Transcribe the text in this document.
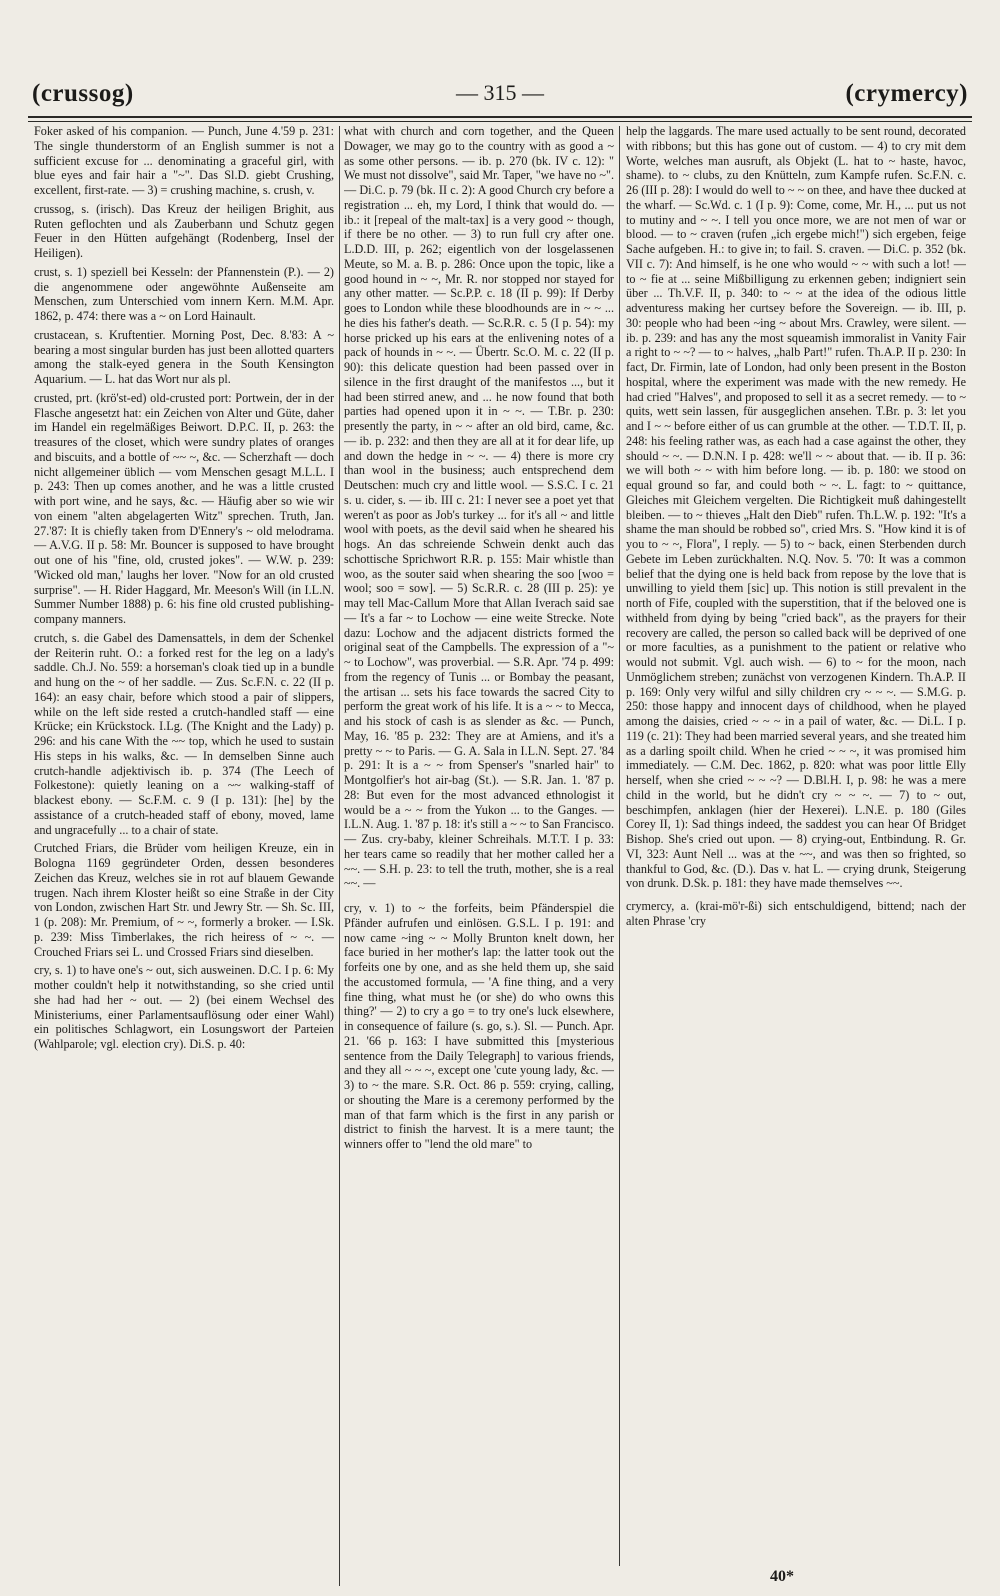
(crussog)	— 315 —	(crymercy)

Foker asked of his companion. — Punch, June 4.'59 p. 231: The single thunderstorm of an English summer is not a sufficient excuse for ... denominating a graceful girl, with blue eyes and fair hair a "~". Das Sl.D. giebt Crushing, excellent, first-rate. — 3) = crushing machine, s. crush, v.

crussog, s. (irisch). Das Kreuz der heiligen Brighit, aus Ruten geflochten und als Zauberbann und Schutz gegen Feuer in den Hütten aufgehängt (Rodenberg, Insel der Heiligen).

crust, s. 1) speziell bei Kesseln: der Pfannenstein (P.). — 2) die angenommene oder angewöhnte Außenseite am Menschen, zum Unterschied vom innern Kern. M.M. Apr. 1862, p. 474: there was a ~ on Lord Hainault.

crustacean, s. Kruftentier. Morning Post, Dec. 8.'83: A ~ bearing a most singular burden has just been allotted quarters among the stalk-eyed genera in the South Kensington Aquarium. — L. hat das Wort nur als pl.

crusted, prt. (krö'st-ed) old-crusted port: Portwein, der in der Flasche angesetzt hat: ein Zeichen von Alter und Güte, daher im Handel ein regelmäßiges Beiwort. D.P.C. II, p. 263: the treasures of the closet, which were sundry plates of oranges and biscuits, and a bottle of ~~ ~, &c. — Scherzhaft — doch nicht allgemeiner üblich — vom Menschen gesagt M.L.L. I p. 243: Then up comes another, and he was a little crusted with port wine, and he says, &c. — Häufig aber so wie wir von einem "alten abgelagerten Witz" sprechen. Truth, Jan. 27.'87: It is chiefly taken from D'Ennery's ~ old melodrama. — A.V.G. II p. 58: Mr. Bouncer is supposed to have brought out one of his "fine, old, crusted jokes". — W.W. p. 239: 'Wicked old man,' laughs her lover. "Now for an old crusted surprise". — H. Rider Haggard, Mr. Meeson's Will (in I.L.N. Summer Number 1888) p. 6: his fine old crusted publishing-company manners.

crutch, s. die Gabel des Damensattels, in dem der Schenkel der Reiterin ruht. O.: a forked rest for the leg on a lady's saddle. Ch.J. No. 559: a horseman's cloak tied up in a bundle and hung on the ~ of her saddle. — Zus. Sc.F.N. c. 22 (II p. 164): an easy chair, before which stood a pair of slippers, while on the left side rested a crutch-handled staff — eine Krücke; ein Krückstock. I.Lg. (The Knight and the Lady) p. 296: and his cane With the ~~ top, which he used to sustain His steps in his walks, &c. — In demselben Sinne auch crutch-handle adjektivisch ib. p. 374 (The Leech of Folkestone): quietly leaning on a ~~ walking-staff of blackest ebony. — Sc.F.M. c. 9 (I p. 131): [he] by the assistance of a crutch-headed staff of ebony, moved, lame and ungracefully ... to a chair of state.

Crutched Friars, die Brüder vom heiligen Kreuze, ein in Bologna 1169 gegründeter Orden, dessen besonderes Zeichen das Kreuz, welches sie in rot auf blauem Gewande trugen. Nach ihrem Kloster heißt so eine Straße in der City von London, zwischen Hart Str. und Jewry Str. — Sh. Sc. III, 1 (p. 208): Mr. Premium, of ~ ~, formerly a broker. — I.Sk. p. 239: Miss Timberlakes, the rich heiress of ~ ~. — Crouched Friars sei L. und Crossed Friars sind dieselben.

cry, s. 1) to have one's ~ out, sich ausweinen. D.C. I p. 6: My mother couldn't help it notwithstanding, so she cried until she had had her ~ out. — 2) (bei einem Wechsel des Ministeriums, einer Parlamentsauflösung oder einer Wahl) ein politisches Schlagwort, ein Losungswort der Parteien (Wahlparole; vgl. election cry). Di.S. p. 40:

what with church and corn together, and the Queen Dowager, we may go to the country with as good a ~ as some other persons. — ib. p. 270 (bk. IV c. 12): " We must not dissolve", said Mr. Taper, "we have no ~". — Di.C. p. 79 (bk. II c. 2): A good Church cry before a registration ... eh, my Lord, I think that would do. — ib.: it [repeal of the malt-tax] is a very good ~ though, if there be no other. — 3) to run full cry after one. L.D.D. III, p. 262; eigentlich von der losgelassenen Meute, so M. a. B. p. 286: Once upon the topic, like a good hound in ~ ~, Mr. R. nor stopped nor stayed for any other matter. — Sc.P.P. c. 18 (II p. 99): If Derby goes to London while these bloodhounds are in ~ ~ ... he dies his father's death. — Sc.R.R. c. 5 (I p. 54): my horse pricked up his ears at the enlivening notes of a pack of hounds in ~ ~. — Übertr. Sc.O. M. c. 22 (II p. 90): this delicate question had been passed over in silence in the first draught of the manifestos ..., but it had been stirred anew, and ... he now found that both parties had opened upon it in ~ ~. — T.Br. p. 230: presently the party, in ~ ~ after an old bird, came, &c. — ib. p. 232: and then they are all at it for dear life, up and down the hedge in ~ ~. — 4) there is more cry than wool in the business; auch entsprechend dem Deutschen: much cry and little wool. — S.S.C. I c. 21 s. u. cider, s. — ib. III c. 21: I never see a poet yet that weren't as poor as Job's turkey ... for it's all ~ and little wool with poets, as the devil said when he sheared his hogs. An das schreiende Schwein denkt auch das schottische Sprichwort R.R. p. 155: Mair whistle than woo, as the souter said when shearing the soo [woo = wool; soo = sow]. — 5) Sc.R.R. c. 28 (III p. 25): ye may tell Mac-Callum More that Allan Iverach said sae — It's a far ~ to Lochow — eine weite Strecke. Note dazu: Lochow and the adjacent districts formed the original seat of the Campbells. The expression of a "~ ~ to Lochow", was proverbial. — S.R. Apr. '74 p. 499: from the regency of Tunis ... or Bombay the peasant, the artisan ... sets his face towards the sacred City to perform the great work of his life. It is a ~ ~ to Mecca, and his stock of cash is as slender as &c. — Punch, May, 16. '85 p. 232: They are at Amiens, and it's a pretty ~ ~ to Paris. — G. A. Sala in I.L.N. Sept. 27. '84 p. 291: It is a ~ ~ from Spenser's "snarled hair" to Montgolfier's hot air-bag (St.). — S.R. Jan. 1. '87 p. 28: But even for the most advanced ethnologist it would be a ~ ~ from the Yukon ... to the Ganges. — I.L.N. Aug. 1. '87 p. 18: it's still a ~ ~ to San Francisco. — Zus. cry-baby, kleiner Schreihals. M.T.T. I p. 33: her tears came so readily that her mother called her a ~~. — S.H. p. 23: to tell the truth, mother, she is a real ~~. —

cry, v. 1) to ~ the forfeits, beim Pfänderspiel die Pfänder aufrufen und einlösen. G.S.L. I p. 191: and now came ~ing ~ ~ Molly Brunton knelt down, her face buried in her mother's lap: the latter took out the forfeits one by one, and as she held them up, she said the accustomed formula, — 'A fine thing, and a very fine thing, what must he (or she) do who owns this thing?' — 2) to cry a go = to try one's luck elsewhere, in consequence of failure (s. go, s.). Sl. — Punch. Apr. 21. '66 p. 163: I have submitted this [mysterious sentence from the Daily Telegraph] to various friends, and they all ~ ~ ~, except one 'cute young lady, &c. — 3) to ~ the mare. S.R. Oct. 86 p. 559: crying, calling, or shouting the Mare is a ceremony performed by the man of that farm which is the first in any parish or district to finish the harvest. It is a mere taunt; the winners offer to "lend the old mare" to

help the laggards. The mare used actually to be sent round, decorated with ribbons; but this has gone out of custom. — 4) to cry mit dem Worte, welches man ausruft, als Objekt (L. hat to ~ haste, havoc, shame). to ~ clubs, zu den Knütteln, zum Kampfe rufen. Sc.F.N. c. 26 (III p. 28): I would do well to ~ ~ on thee, and have thee ducked at the wharf. — Sc.Wd. c. 1 (I p. 9): Come, come, Mr. H., ... put us not to mutiny and ~ ~. I tell you once more, we are not men of war or blood. — to ~ craven (rufen „ich ergebe mich!") sich ergeben, feige Sache aufgeben. H.: to give in; to fail. S. craven. — Di.C. p. 352 (bk. VII c. 7): And himself, is he one who would ~ ~ with such a lot! — to ~ fie at ... seine Mißbilligung zu erkennen geben; indigniert sein über ... Th.V.F. II, p. 340: to ~ ~ at the idea of the odious little adventuress making her curtsey before the Sovereign. — ib. III, p. 30: people who had been ~ing ~ about Mrs. Crawley, were silent. — ib. p. 239: and has any the most squeamish immoralist in Vanity Fair a right to ~ ~? — to ~ halves, „halb Part!" rufen. Th.A.P. II p. 230: In fact, Dr. Firmin, late of London, had only been present in the Boston hospital, where the experiment was made with the new remedy. He had cried "Halves", and proposed to sell it as a secret remedy. — to ~ quits, wett sein lassen, für ausgeglichen ansehen. T.Br. p. 3: let you and I ~ ~ before either of us can grumble at the other. — T.D.T. II, p. 248: his feeling rather was, as each had a case against the other, they should ~ ~. — D.N.N. I p. 428: we'll ~ ~ about that. — ib. II p. 36: we will both ~ ~ with him before long. — ib. p. 180: we stood on equal ground so far, and could both ~ ~. L. fagt: to ~ quittance, Gleiches mit Gleichem vergelten. Die Richtigkeit muß dahingestellt bleiben. — to ~ thieves „Halt den Dieb" rufen. Th.L.W. p. 192: "It's a shame the man should be robbed so", cried Mrs. S. "How kind it is of you to ~ ~, Flora", I reply. — 5) to ~ back, einen Sterbenden durch Gebete im Leben zurückhalten. N.Q. Nov. 5. '70: It was a common belief that the dying one is held back from repose by the love that is unwilling to yield them [sic] up. This notion is still prevalent in the north of Fife, coupled with the superstition, that if the beloved one is withheld from dying by being "cried back", as the prayers for their recovery are called, the person so called back will be deprived of one or more faculties, as a punishment to the patient or relative who would not submit. Vgl. auch wish. — 6) to ~ for the moon, nach Unmöglichem streben; zunächst von verzogenen Kindern. Th.A.P. II p. 169: Only very wilful and silly children cry ~ ~ ~. — S.M.G. p. 250: those happy and innocent days of childhood, when he played among the daisies, cried ~ ~ ~ in a pail of water, &c. — Di.L. I p. 119 (c. 21): They had been married several years, and she treated him as a darling spoilt child. When he cried ~ ~ ~, it was promised him immediately. — C.M. Dec. 1862, p. 820: what was poor little Elly herself, when she cried ~ ~ ~? — D.Bl.H. I, p. 98: he was a mere child in the world, but he didn't cry ~ ~ ~. — 7) to ~ out, beschimpfen, anklagen (hier der Hexerei). L.N.E. p. 180 (Giles Corey II, 1): Sad things indeed, the saddest you can hear Of Bridget Bishop. She's cried out upon. — 8) crying-out, Entbindung. R. Gr. VI, 323: Aunt Nell ... was at the ~~, and was then so frighted, so thankful to God, &c. (D.). Das v. hat L. — crying drunk, Steigerung von drunk. D.Sk. p. 181: they have made themselves ~~.

crymercy, a. (krai-mö'r-ßi) sich entschuldigend, bittend; nach der alten Phrase 'cry

40*
